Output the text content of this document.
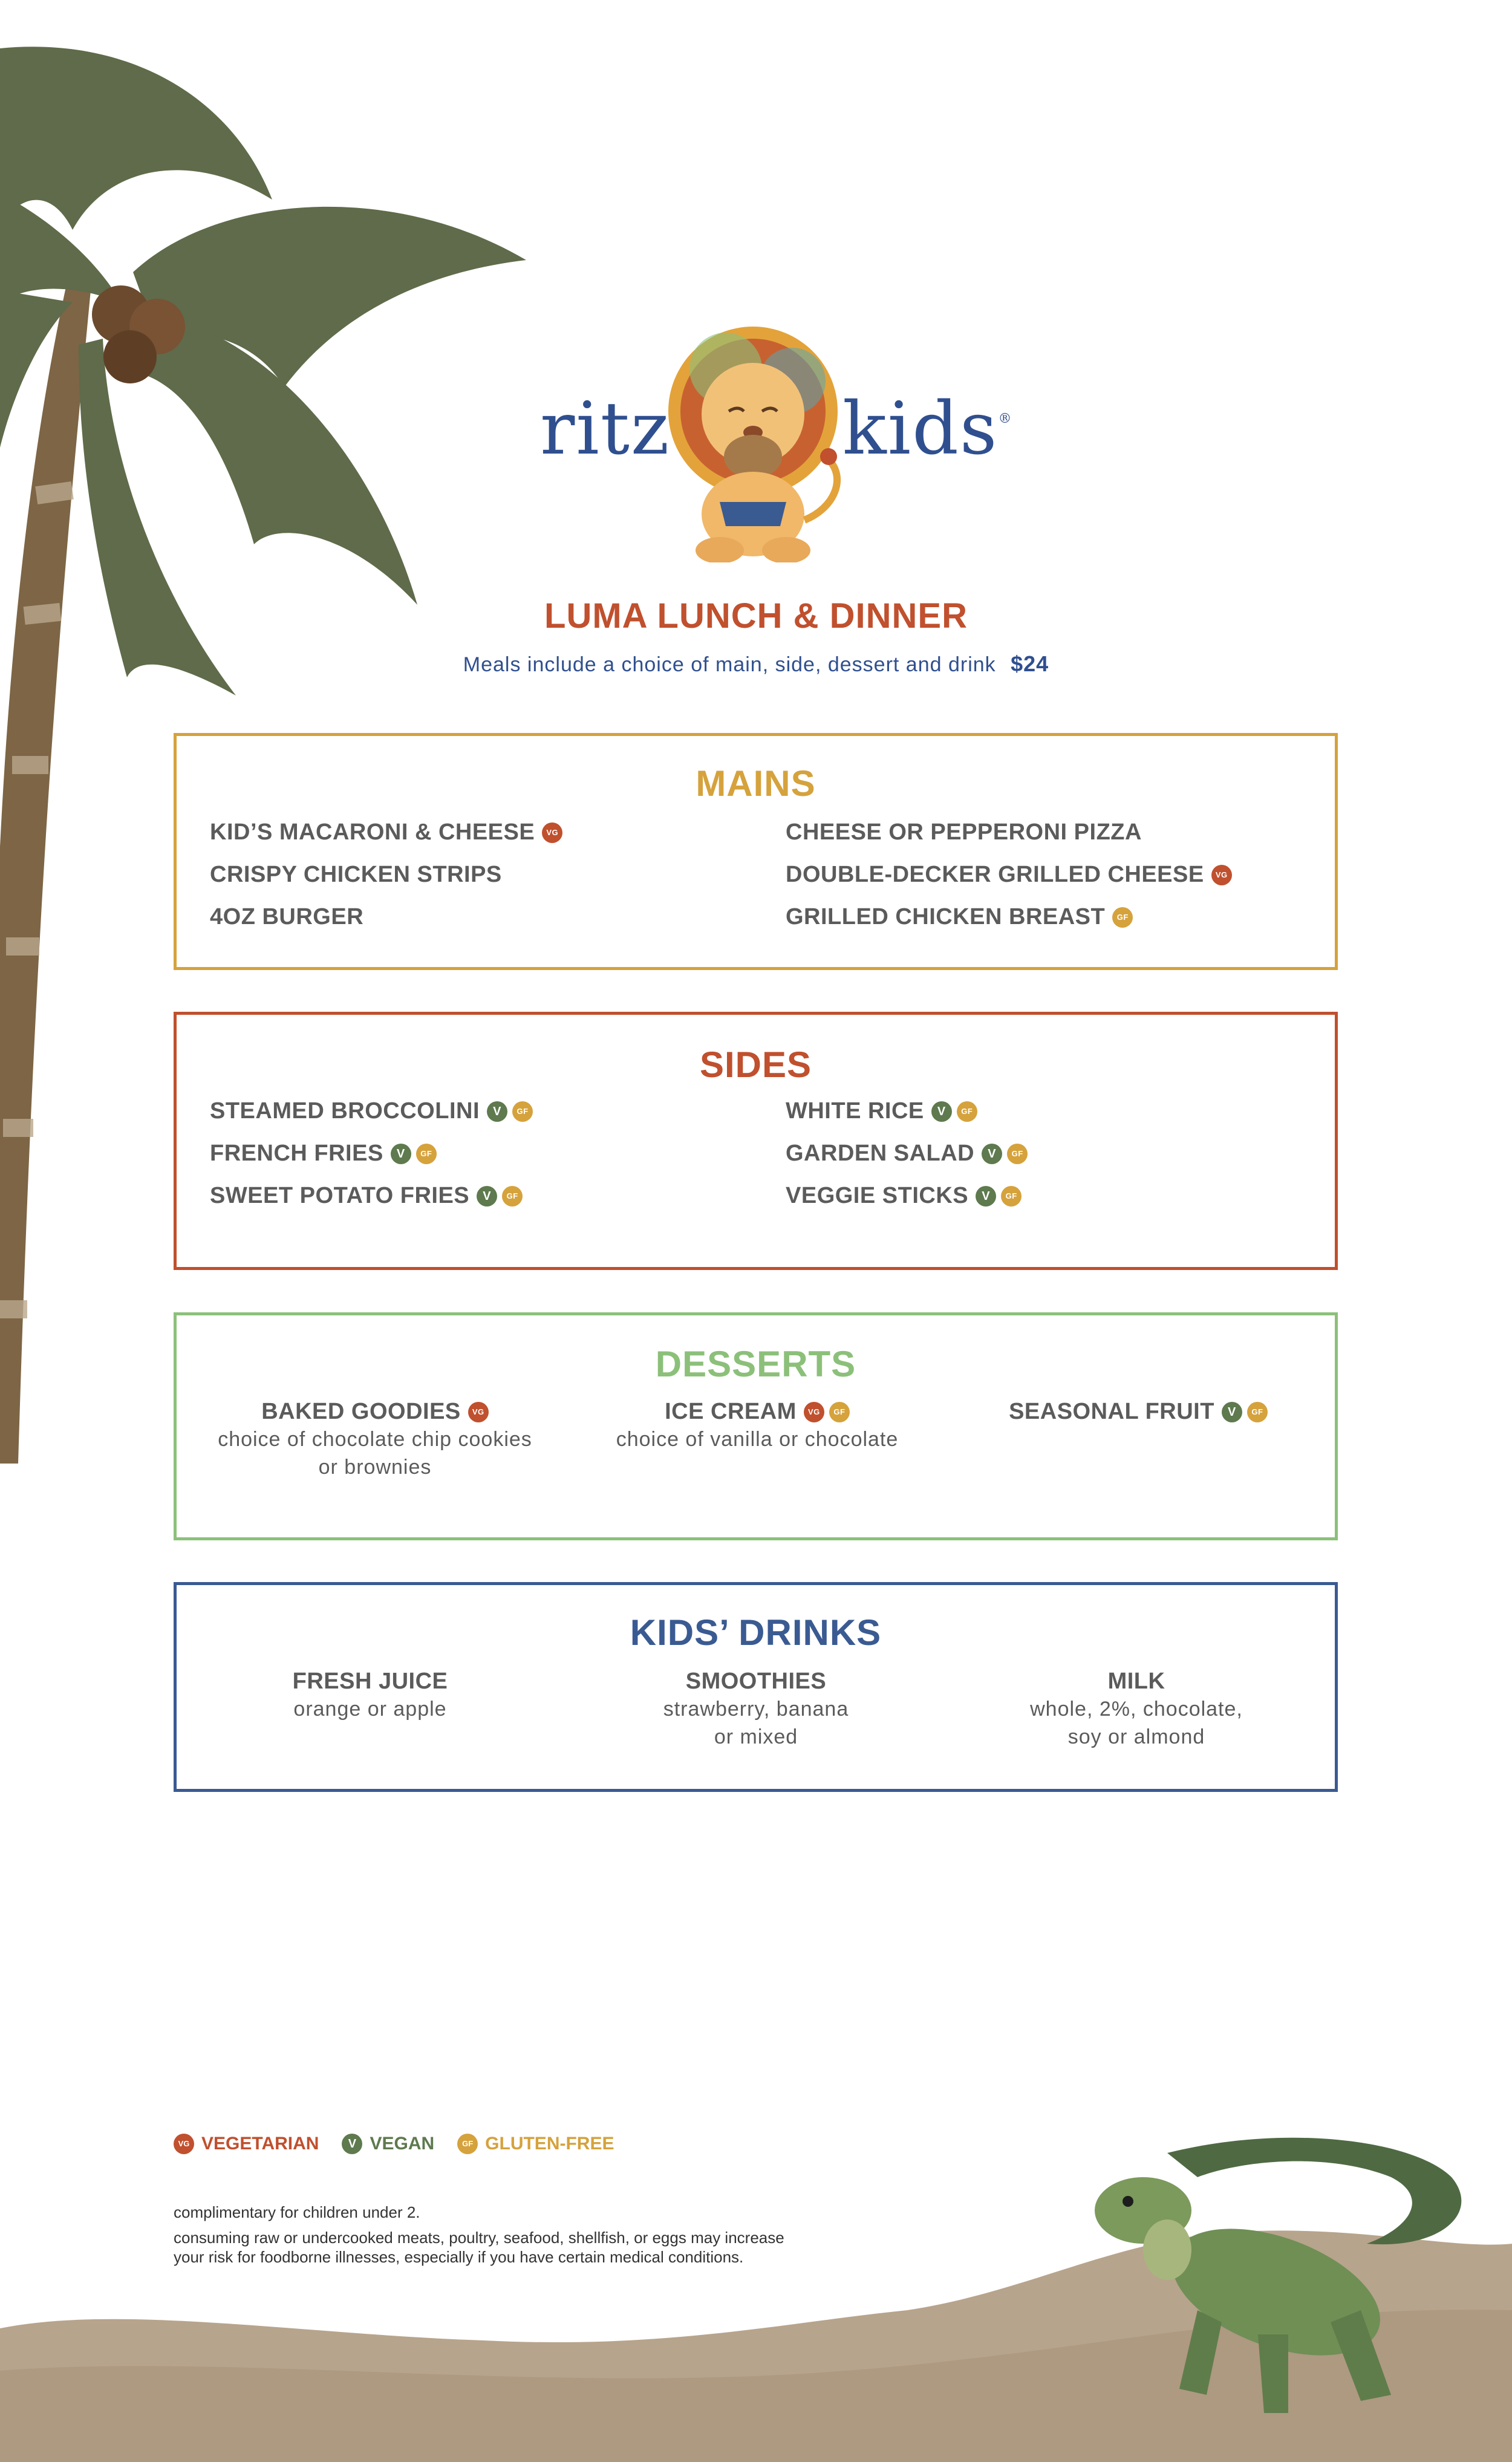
ritz kids®
LUMA LUNCH & DINNER
Meals include a choice of main, side, dessert and drink $24
MAINS
KID’S MACARONI & CHEESE	VG
CRISPY CHICKEN STRIPS
4OZ BURGER
CHEESE OR PEPPERONI PIZZA
DOUBLE-DECKER GRILLED CHEESE	VG
GRILLED CHICKEN BREAST	GF
SIDES
STEAMED BROCCOLINI	V	GF
FRENCH FRIES	V	GF
SWEET POTATO FRIES	V	GF
WHITE RICE	V	GF
GARDEN SALAD	V	GF
VEGGIE STICKS	V	GF
DESSERTS
BAKED GOODIES	VG
choice of chocolate chip cookies
or brownies
ICE CREAM	VG	GF
choice of vanilla or chocolate
SEASONAL FRUIT	V	GF
KIDS’ DRINKS
FRESH JUICE
orange or apple
SMOOTHIES
strawberry, banana
or mixed
MILK
whole, 2%, chocolate,
soy or almond
VG VEGETARIAN	V VEGAN	GF GLUTEN-FREE
complimentary for children under 2.
consuming raw or undercooked meats, poultry, seafood, shellfish, or eggs may increase
your risk for foodborne illnesses, especially if you have certain medical conditions.
